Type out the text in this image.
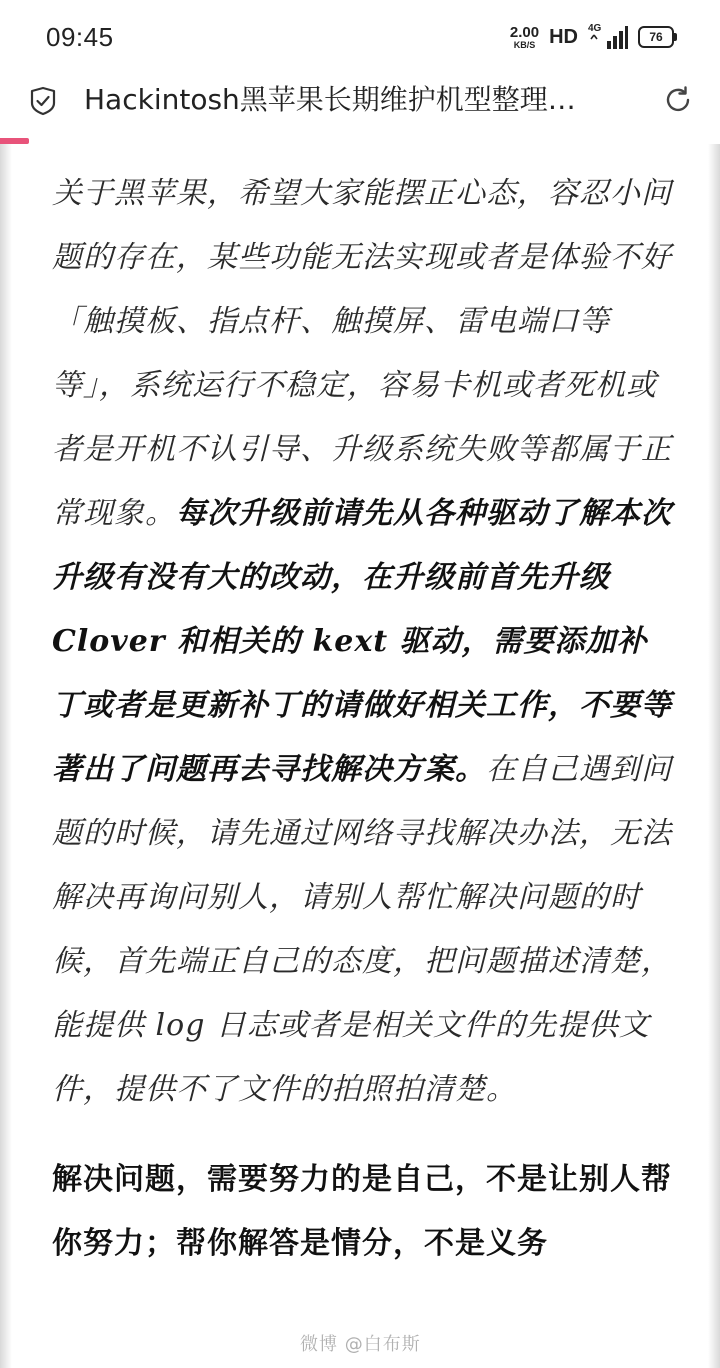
09:45	2.00
KB/S HD 4G
76
Hackintosh黑苹果长期维护机型整理…

关于黑苹果，希望大家能摆正心态，容忍小问题的存在，某些功能无法实现或者是体验不好「触摸板、指点杆、触摸屏、雷电端口等等」，系统运行不稳定，容易卡机或者死机或者是开机不认引导、升级系统失败等都属于正常现象。每次升级前请先从各种驱动了解本次升级有没有大的改动，在升级前首先升级 Clover 和相关的 kext 驱动，需要添加补丁或者是更新补丁的请做好相关工作，不要等著出了问题再去寻找解决方案。在自己遇到问题的时候，请先通过网络寻找解决办法，无法解决再询问别人，请别人帮忙解决问题的时候，首先端正自己的态度，把问题描述清楚，能提供 log 日志或者是相关文件的先提供文件，提供不了文件的拍照拍清楚。

解决问题，需要努力的是自己，不是让别人帮你努力；帮你解答是情分，不是义务

微博 @白布斯
